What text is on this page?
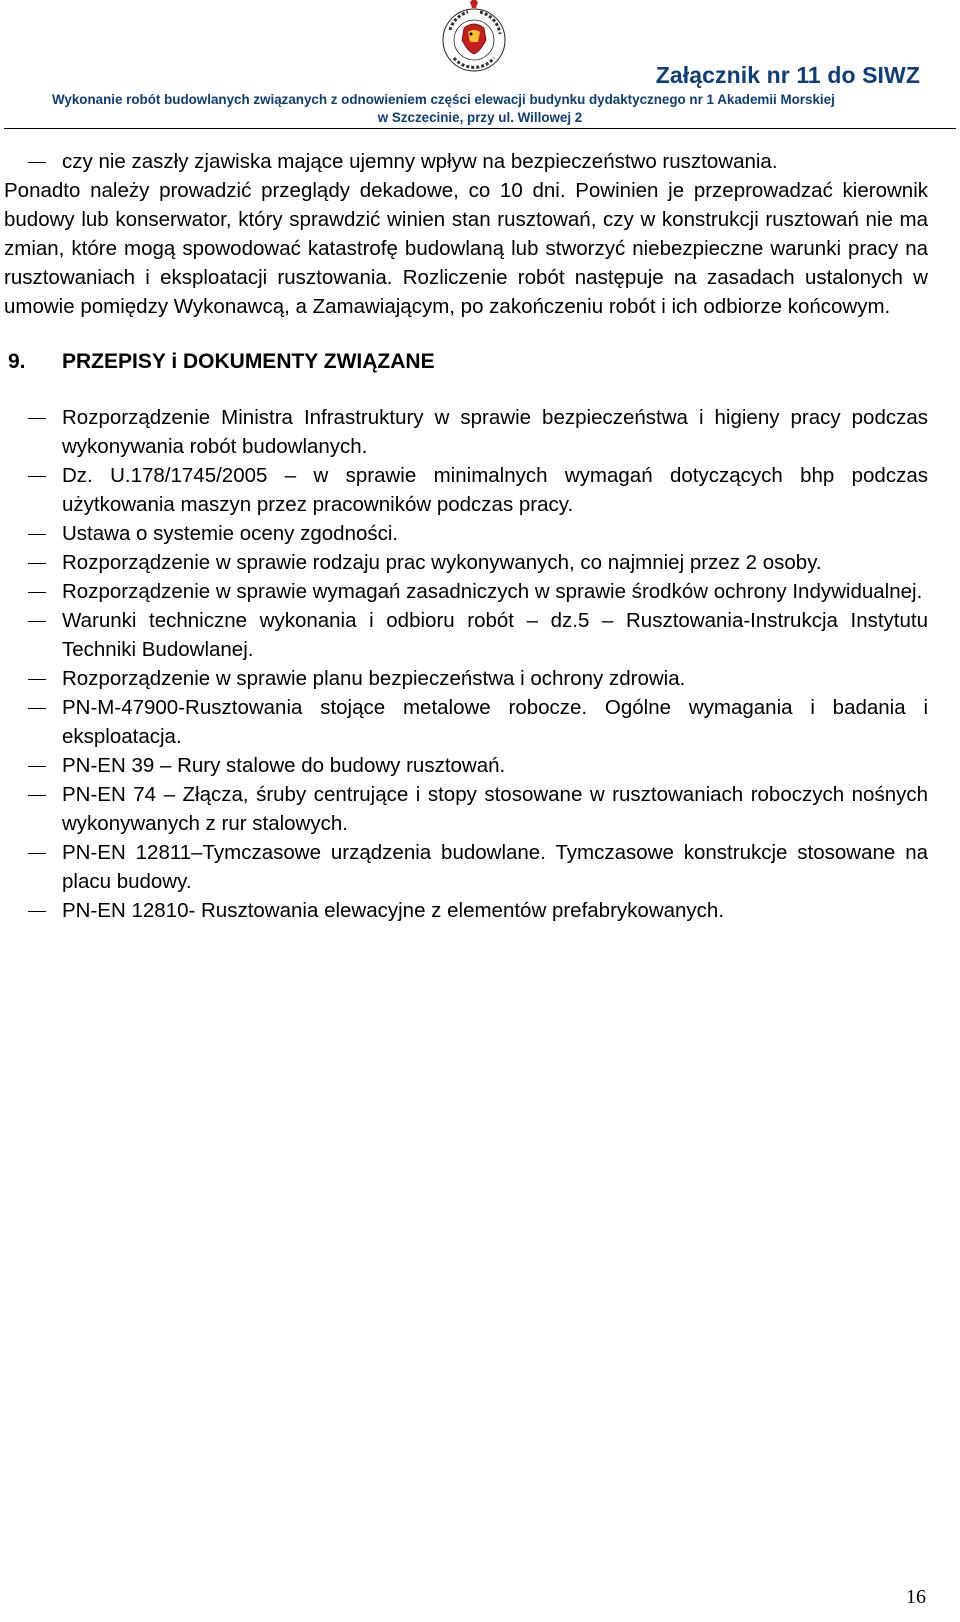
Załącznik nr 11 do SIWZ
Wykonanie robót budowlanych związanych z odnowieniem części elewacji budynku dydaktycznego nr 1 Akademii Morskiej
w Szczecinie, przy ul. Willowej 2
czy nie zaszły zjawiska mające ujemny wpływ na bezpieczeństwo rusztowania.

Ponadto należy prowadzić przeglądy dekadowe, co 10 dni. Powinien je przeprowadzać kierownik budowy lub konserwator, który sprawdzić winien stan rusztowań, czy w konstrukcji rusztowań nie ma zmian, które mogą spowodować katastrofę budowlaną lub stworzyć niebezpieczne warunki pracy na rusztowaniach i eksploatacji rusztowania. Rozliczenie robót następuje na zasadach ustalonych w umowie pomiędzy Wykonawcą, a Zamawiającym, po zakończeniu robót i ich odbiorze końcowym.

9. PRZEPISY i DOKUMENTY ZWIĄZANE
Rozporządzenie Ministra Infrastruktury w sprawie bezpieczeństwa i higieny pracy podczas wykonywania robót budowlanych.
Dz. U.178/1745/2005 – w sprawie minimalnych wymagań dotyczących bhp podczas użytkowania maszyn przez pracowników podczas pracy.
Ustawa o systemie oceny zgodności.
Rozporządzenie w sprawie rodzaju prac wykonywanych, co najmniej przez 2 osoby.
Rozporządzenie w sprawie wymagań zasadniczych w sprawie środków ochrony Indywidualnej.
Warunki techniczne wykonania i odbioru robót – dz.5 – Rusztowania-Instrukcja Instytutu Techniki Budowlanej.
Rozporządzenie w sprawie planu bezpieczeństwa i ochrony zdrowia.
PN-M-47900-Rusztowania stojące metalowe robocze. Ogólne wymagania i badania i eksploatacja.
PN-EN 39 – Rury stalowe do budowy rusztowań.
PN-EN 74 – Złącza, śruby centrujące i stopy stosowane w rusztowaniach roboczych nośnych wykonywanych z rur stalowych.
PN-EN 12811–Tymczasowe urządzenia budowlane. Tymczasowe konstrukcje stosowane na placu budowy.
PN-EN 12810- Rusztowania elewacyjne z elementów prefabrykowanych.
16
